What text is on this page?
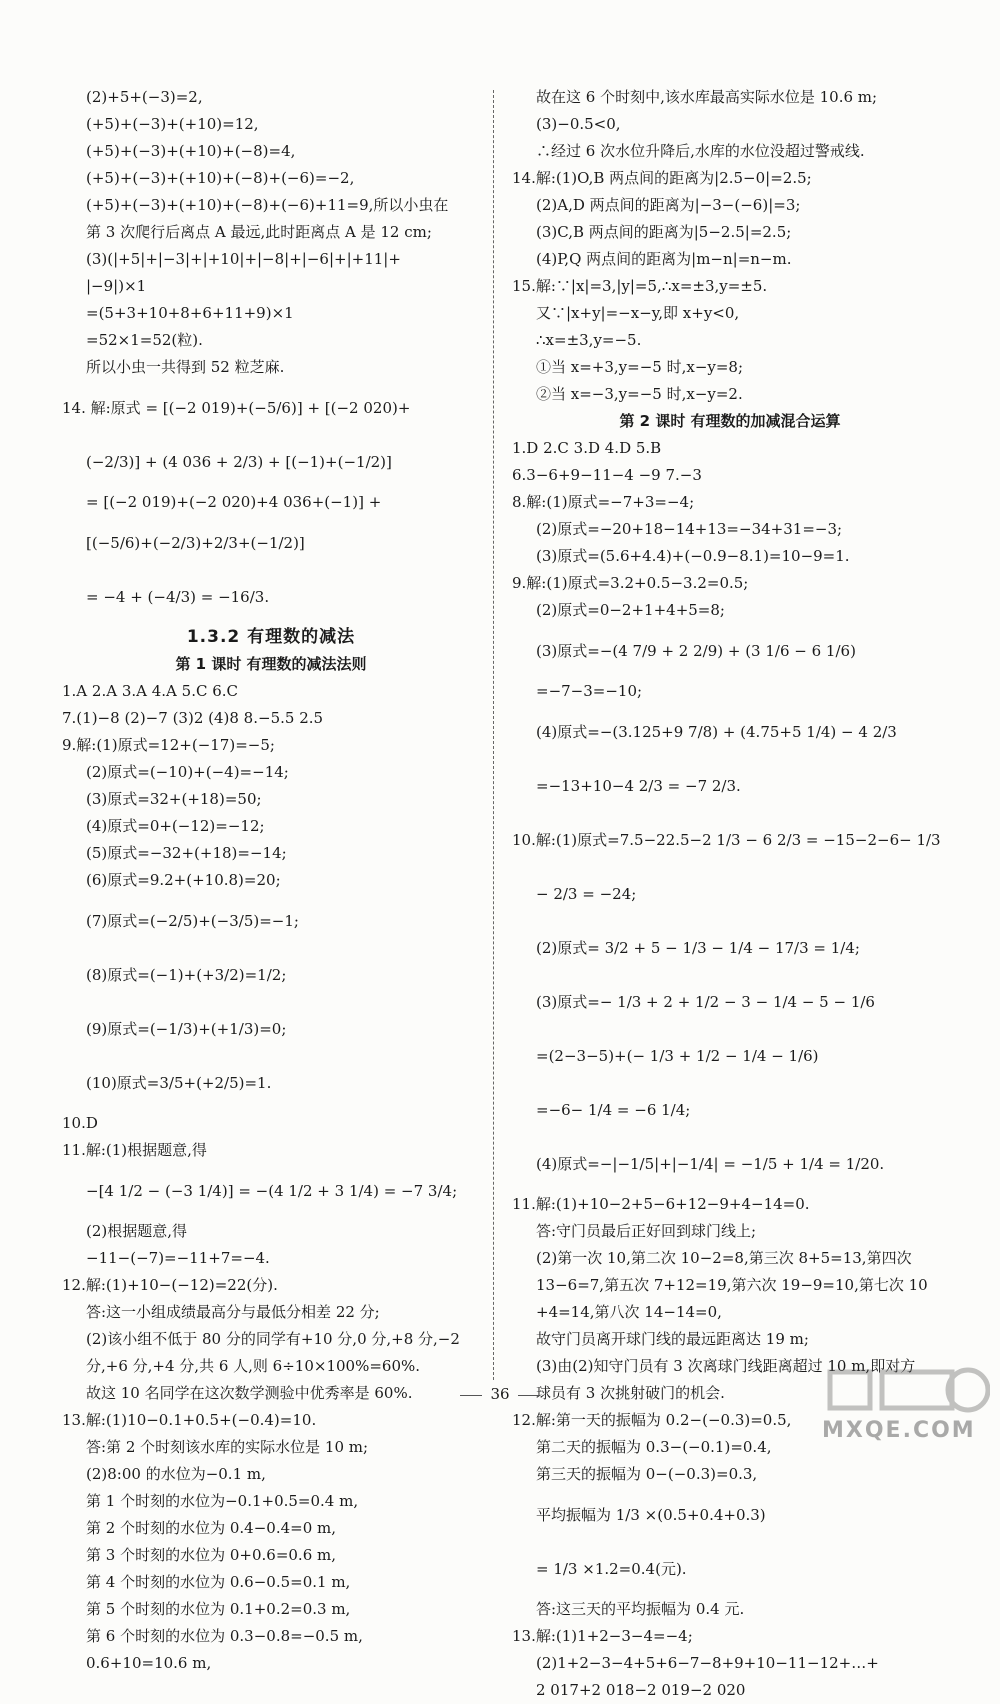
(2)+5+(−3)=2,
(+5)+(−3)+(+10)=12,
(+5)+(−3)+(+10)+(−8)=4,
(+5)+(−3)+(+10)+(−8)+(−6)=−2,
(+5)+(−3)+(+10)+(−8)+(−6)+11=9,所以小虫在
第 3 次爬行后离点 A 最远,此时距离点 A 是 12 cm;
(3)(|+5|+|−3|+|+10|+|−8|+|−6|+|+11|+
|−9|)×1
=(5+3+10+8+6+11+9)×1
=52×1=52(粒).
所以小虫一共得到 52 粒芝麻.
14. 解:原式 = [(−2 019)+(−5/6)] + [(−2 020)+
(−2/3)] + (4 036 + 2/3) + [(−1)+(−1/2)]
= [(−2 019)+(−2 020)+4 036+(−1)] +
[(−5/6)+(−2/3)+2/3+(−1/2)]
= −4 + (−4/3) = −16/3.
1.3.2 有理数的减法
第 1 课时 有理数的减法法则
1.A 2.A 3.A 4.A 5.C 6.C
7.(1)−8 (2)−7 (3)2 (4)8 8.−5.5 2.5
9.解:(1)原式=12+(−17)=−5;
(2)原式=(−10)+(−4)=−14;
(3)原式=32+(+18)=50;
(4)原式=0+(−12)=−12;
(5)原式=−32+(+18)=−14;
(6)原式=9.2+(+10.8)=20;
(7)原式=(−2/5)+(−3/5)=−1;
(8)原式=(−1)+(+3/2)=1/2;
(9)原式=(−1/3)+(+1/3)=0;
(10)原式=3/5+(+2/5)=1.
10.D
11.解:(1)根据题意,得
−[4 1/2 − (−3 1/4)] = −(4 1/2 + 3 1/4) = −7 3/4;
(2)根据题意,得
−11−(−7)=−11+7=−4.
12.解:(1)+10−(−12)=22(分).
答:这一小组成绩最高分与最低分相差 22 分;
(2)该小组不低于 80 分的同学有+10 分,0 分,+8 分,−2
分,+6 分,+4 分,共 6 人,则 6÷10×100%=60%.
故这 10 名同学在这次数学测验中优秀率是 60%.
13.解:(1)10−0.1+0.5+(−0.4)=10.
答:第 2 个时刻该水库的实际水位是 10 m;
(2)8:00 的水位为−0.1 m,
第 1 个时刻的水位为−0.1+0.5=0.4 m,
第 2 个时刻的水位为 0.4−0.4=0 m,
第 3 个时刻的水位为 0+0.6=0.6 m,
第 4 个时刻的水位为 0.6−0.5=0.1 m,
第 5 个时刻的水位为 0.1+0.2=0.3 m,
第 6 个时刻的水位为 0.3−0.8=−0.5 m,
0.6+10=10.6 m,
故在这 6 个时刻中,该水库最高实际水位是 10.6 m;
(3)−0.5<0,
∴经过 6 次水位升降后,水库的水位没超过警戒线.
14.解:(1)O,B 两点间的距离为|2.5−0|=2.5;
(2)A,D 两点间的距离为|−3−(−6)|=3;
(3)C,B 两点间的距离为|5−2.5|=2.5;
(4)P,Q 两点间的距离为|m−n|=n−m.
15.解:∵|x|=3,|y|=5,∴x=±3,y=±5.
又∵|x+y|=−x−y,即 x+y<0,
∴x=±3,y=−5.
①当 x=+3,y=−5 时,x−y=8;
②当 x=−3,y=−5 时,x−y=2.
第 2 课时 有理数的加减混合运算
1.D 2.C 3.D 4.D 5.B
6.3−6+9−11−4 −9 7.−3
8.解:(1)原式=−7+3=−4;
(2)原式=−20+18−14+13=−34+31=−3;
(3)原式=(5.6+4.4)+(−0.9−8.1)=10−9=1.
9.解:(1)原式=3.2+0.5−3.2=0.5;
(2)原式=0−2+1+4+5=8;
(3)原式=−(4 7/9 + 2 2/9) + (3 1/6 − 6 1/6)
=−7−3=−10;
(4)原式=−(3.125+9 7/8) + (4.75+5 1/4) − 4 2/3
=−13+10−4 2/3 = −7 2/3.
10.解:(1)原式=7.5−22.5−2 1/3 − 6 2/3 = −15−2−6− 1/3
− 2/3 = −24;
(2)原式= 3/2 + 5 − 1/3 − 1/4 − 17/3 = 1/4;
(3)原式=− 1/3 + 2 + 1/2 − 3 − 1/4 − 5 − 1/6
=(2−3−5)+(− 1/3 + 1/2 − 1/4 − 1/6)
=−6− 1/4 = −6 1/4;
(4)原式=−|−1/5|+|−1/4| = −1/5 + 1/4 = 1/20.
11.解:(1)+10−2+5−6+12−9+4−14=0.
答:守门员最后正好回到球门线上;
(2)第一次 10,第二次 10−2=8,第三次 8+5=13,第四次
13−6=7,第五次 7+12=19,第六次 19−9=10,第七次 10
+4=14,第八次 14−14=0,
故守门员离开球门线的最远距离达 19 m;
(3)由(2)知守门员有 3 次离球门线距离超过 10 m,即对方
球员有 3 次挑射破门的机会.
12.解:第一天的振幅为 0.2−(−0.3)=0.5,
第二天的振幅为 0.3−(−0.1)=0.4,
第三天的振幅为 0−(−0.3)=0.3,
平均振幅为 1/3 ×(0.5+0.4+0.3)
= 1/3 ×1.2=0.4(元).
答:这三天的平均振幅为 0.4 元.
13.解:(1)1+2−3−4=−4;
(2)1+2−3−4+5+6−7−8+9+10−11−12+…+
2 017+2 018−2 019−2 020
36
MXQE.COM
